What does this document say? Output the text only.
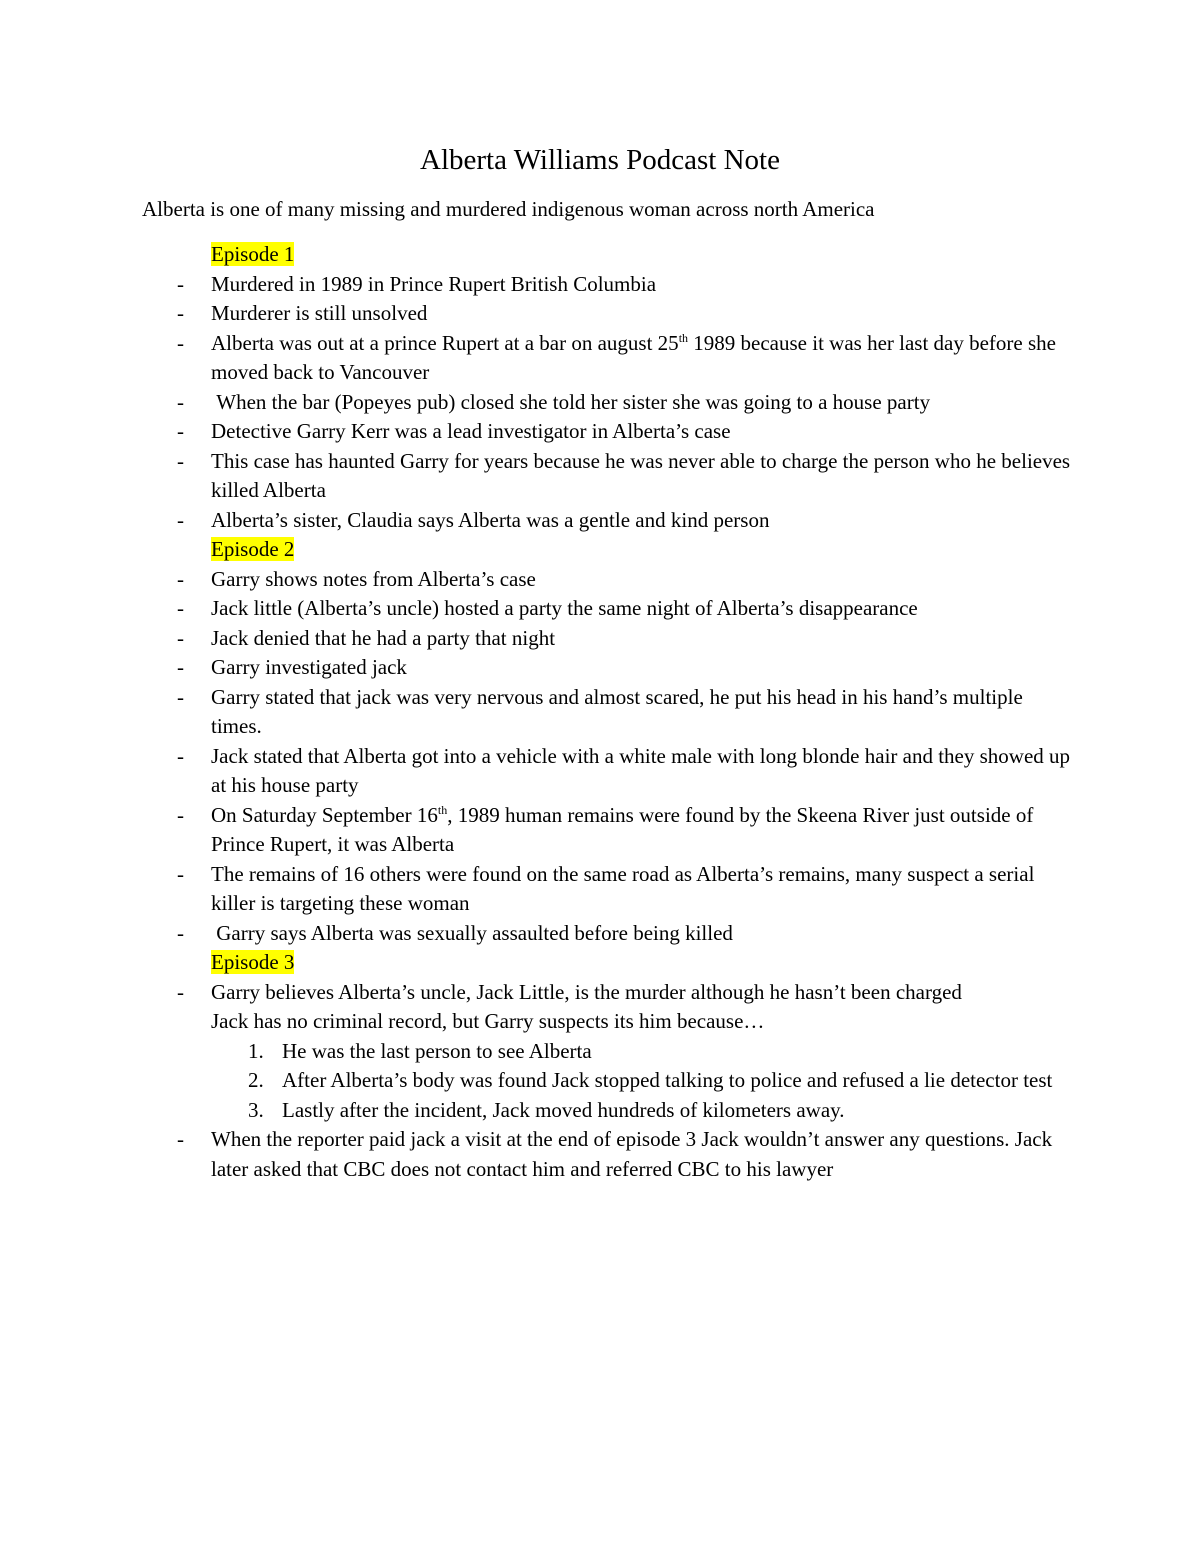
Alberta Williams Podcast Note
Alberta is one of many missing and murdered indigenous woman across north America
Episode 1
-	Murdered in 1989 in Prince Rupert British Columbia
-	Murderer is still unsolved
-	Alberta was out at a prince Rupert at a bar on august 25th 1989 because it was her last day before she moved back to Vancouver
-	When the bar (Popeyes pub) closed she told her sister she was going to a house party
-	Detective Garry Kerr was a lead investigator in Alberta’s case
-	This case has haunted Garry for years because he was never able to charge the person who he believes killed Alberta
-	Alberta’s sister, Claudia says Alberta was a gentle and kind person
Episode 2
-	Garry shows notes from Alberta’s case
-	Jack little (Alberta’s uncle) hosted a party the same night of Alberta’s disappearance
-	Jack denied that he had a party that night
-	Garry investigated jack
-	Garry stated that jack was very nervous and almost scared, he put his head in his hand’s multiple times.
-	Jack stated that Alberta got into a vehicle with a white male with long blonde hair and they showed up at his house party
-	On Saturday September 16th, 1989 human remains were found by the Skeena River just outside of Prince Rupert, it was Alberta
-	The remains of 16 others were found on the same road as Alberta’s remains, many suspect a serial killer is targeting these woman
-	Garry says Alberta was sexually assaulted before being killed
Episode 3
-	Garry believes Alberta’s uncle, Jack Little, is the murder although he hasn’t been charged
Jack has no criminal record, but Garry suspects its him because…
1. He was the last person to see Alberta
2. After Alberta’s body was found Jack stopped talking to police and refused a lie detector test
3. Lastly after the incident, Jack moved hundreds of kilometers away.
-	When the reporter paid jack a visit at the end of episode 3 Jack wouldn’t answer any questions. Jack later asked that CBC does not contact him and referred CBC to his lawyer
